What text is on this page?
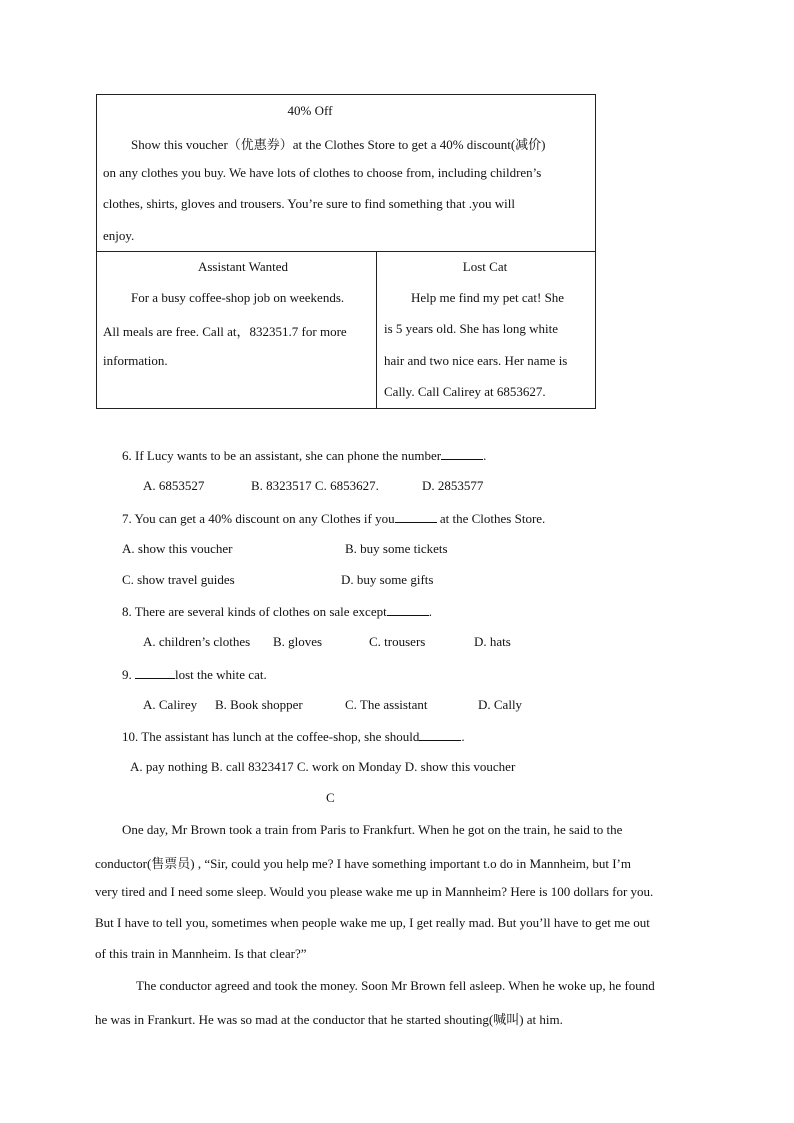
40% Off
Show this voucher（优惠券）at the Clothes Store to get a 40% discount(减价)
on any clothes you buy. We have lots of clothes to choose from, including children’s
clothes, shirts, gloves and trousers. You’re sure to find something that .you will
enjoy.
Assistant Wanted
For a busy coffee-shop job on weekends.
All meals are free. Call at，832351.7 for more
information.
Lost Cat
Help me find my pet cat! She
is 5 years old. She has long white
hair and two nice ears. Her name is
Cally. Call Calirey at 6853627.
6. If Lucy wants to be an assistant, she can phone the number	.
A. 6853527	B. 8323517 C. 6853627.	D. 2853577
7. You can get a 40% discount on any Clothes if you	at the Clothes Store.
A. show this voucher	B. buy some tickets
C. show travel guides	D. buy some gifts
8. There are several kinds of clothes on sale except	.
A. children’s clothes B. gloves	C. trousers	D. hats
9.	lost the white cat.
A. Calirey B. Book shopper	C. The assistant	D. Cally
10. The assistant has lunch at the coffee-shop, she should	.
A. pay nothing B. call 8323417 C. work on Monday D. show this voucher
C
One day, Mr Brown took a train from Paris to Frankfurt. When he got on the train, he said to the
conductor(售票员) , “Sir, could you help me? I have something important t.o do in Mannheim, but I’m
very tired and I need some sleep. Would you please wake me up in Mannheim? Here is 100 dollars for you.
But I have to tell you, sometimes when people wake me up, I get really mad. But you’ll have to get me out
of this train in Mannheim. Is that clear?”
The conductor agreed and took the money. Soon Mr Brown fell asleep. When he woke up, he found
he was in Frankurt. He was so mad at the conductor that he started shouting(喊叫) at him.
